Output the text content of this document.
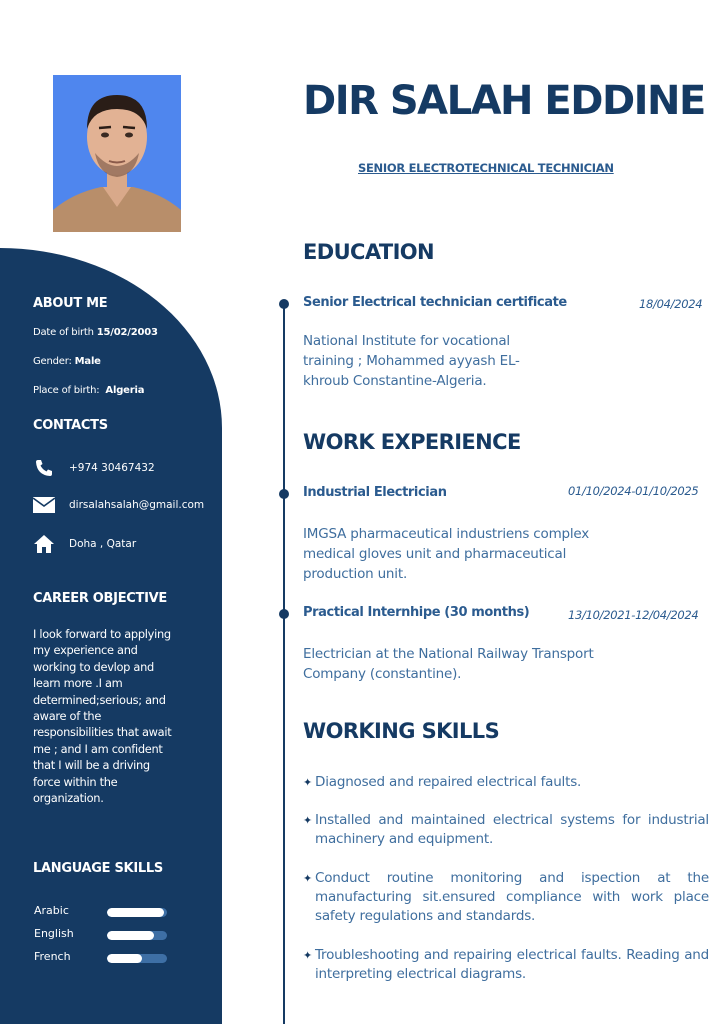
DIR SALAH EDDINE
SENIOR ELECTROTECHNICAL TECHNICIAN
ABOUT ME
Date of birth 15/02/2003
Gender: Male
Place of birth: Algeria
CONTACTS
+974 30467432
dirsalahsalah@gmail.com
Doha , Qatar
CAREER OBJECTIVE
I look forward to applying my experience and working to devlop and learn more .I am determined;serious; and aware of the responsibilities that await me ; and I am confident that I will be a driving force within the organization.
LANGUAGE SKILLS
Arabic
English
French
EDUCATION
Senior Electrical technician certificate	18/04/2024
National Institute for vocational training ; Mohammed ayyash EL-khroub Constantine-Algeria.
WORK EXPERIENCE
Industrial Electrician	01/10/2024-01/10/2025
IMGSA pharmaceutical industriens complex medical gloves unit and pharmaceutical production unit.
Practical Internhipe (30 months)	13/10/2021-12/04/2024
Electrician at the National Railway Transport Company (constantine).
WORKING SKILLS
✦ Diagnosed and repaired electrical faults.
✦ Installed and maintained electrical systems for industrial machinery and equipment.
✦ Conduct routine monitoring and ispection at the manufacturing sit.ensured compliance with work place safety regulations and standards.
✦ Troubleshooting and repairing electrical faults. Reading and interpreting electrical diagrams.
